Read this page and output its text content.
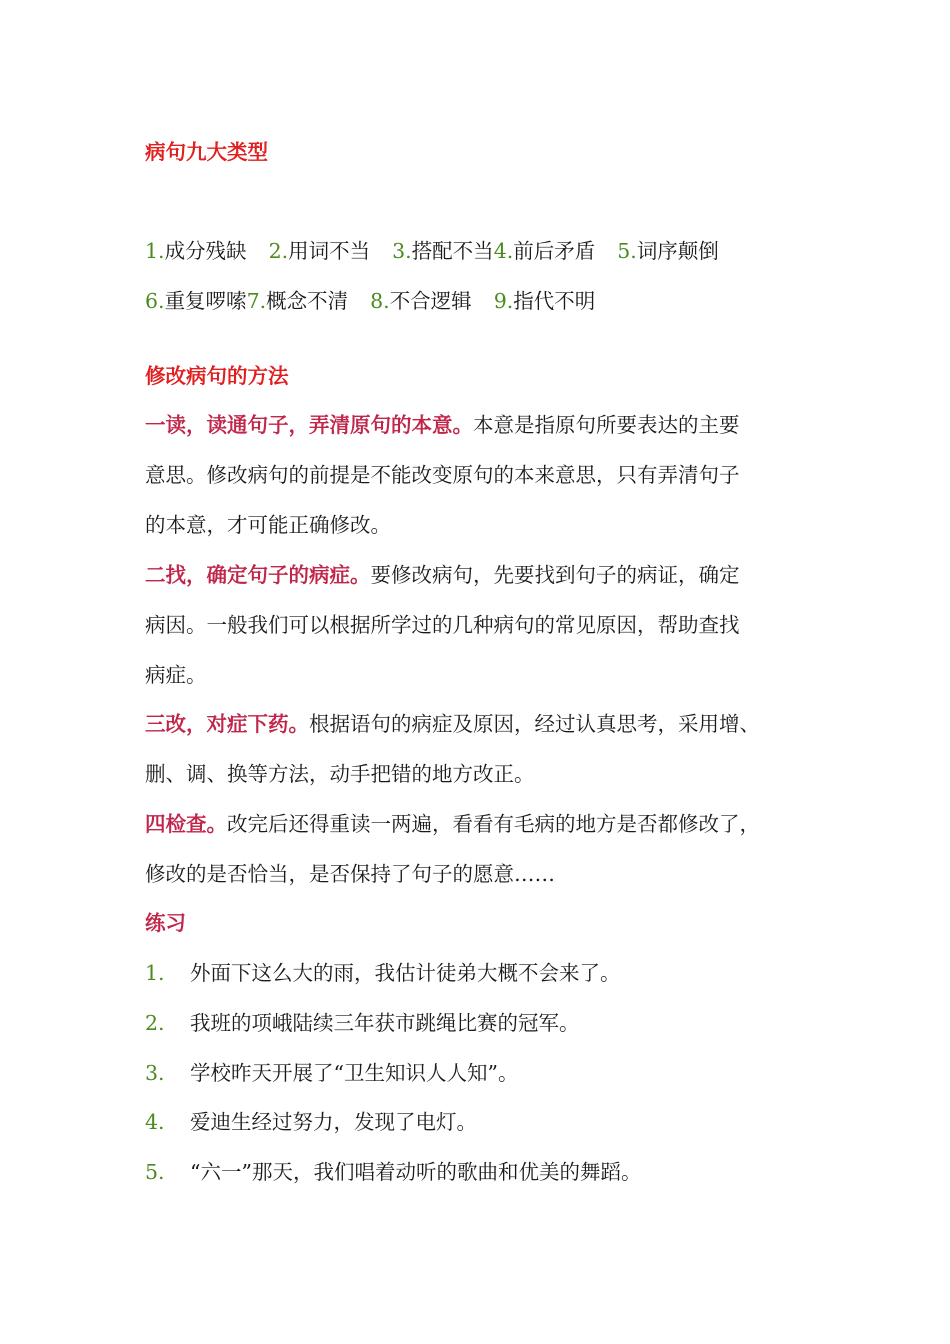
病句九大类型
1.成分残缺 2.用词不当 3.搭配不当4.前后矛盾 5.词序颠倒
6.重复啰嗦7.概念不清 8.不合逻辑 9.指代不明
修改病句的方法
一读，读通句子，弄清原句的本意。本意是指原句所要表达的主要
意思。修改病句的前提是不能改变原句的本来意思，只有弄清句子
的本意，才可能正确修改。
二找，确定句子的病症。要修改病句，先要找到句子的病证，确定
病因。一般我们可以根据所学过的几种病句的常见原因，帮助查找
病症。
三改，对症下药。根据语句的病症及原因，经过认真思考，采用增、
删、调、换等方法，动手把错的地方改正。
四检查。改完后还得重读一两遍，看看有毛病的地方是否都修改了，
修改的是否恰当，是否保持了句子的愿意……
练习
1. 外面下这么大的雨，我估计徒弟大概不会来了。
2. 我班的项峨陆续三年获市跳绳比赛的冠军。
3. 学校昨天开展了“卫生知识人人知”。
4. 爱迪生经过努力，发现了电灯。
5. “六一”那天，我们唱着动听的歌曲和优美的舞蹈。
